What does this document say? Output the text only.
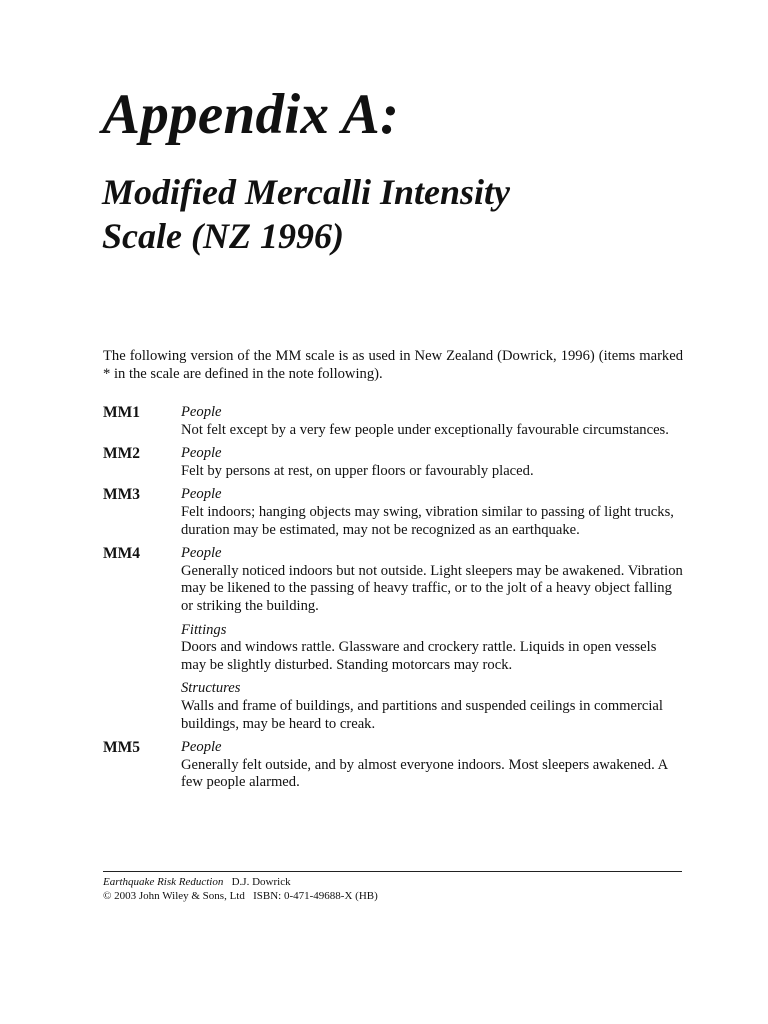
Appendix A:
Modified Mercalli Intensity
Scale (NZ 1996)

The following version of the MM scale is as used in New Zealand (Dowrick, 1996) (items marked * in the scale are defined in the note following).

MM1	People
Not felt except by a very few people under exceptionally favourable circumstances.
MM2	People
Felt by persons at rest, on upper floors or favourably placed.
MM3	People
Felt indoors; hanging objects may swing, vibration similar to passing of light trucks, duration may be estimated, may not be recognized as an earthquake.
MM4	People
Generally noticed indoors but not outside. Light sleepers may be awakened. Vibration may be likened to the passing of heavy traffic, or to the jolt of a heavy object falling or striking the building.
Fittings
Doors and windows rattle. Glassware and crockery rattle. Liquids in open vessels may be slightly disturbed. Standing motorcars may rock.
Structures
Walls and frame of buildings, and partitions and suspended ceilings in commercial buildings, may be heard to creak.
MM5	People
Generally felt outside, and by almost everyone indoors. Most sleepers awakened. A few people alarmed.
Earthquake Risk Reduction D.J. Dowrick
© 2003 John Wiley & Sons, Ltd ISBN: 0-471-49688-X (HB)
